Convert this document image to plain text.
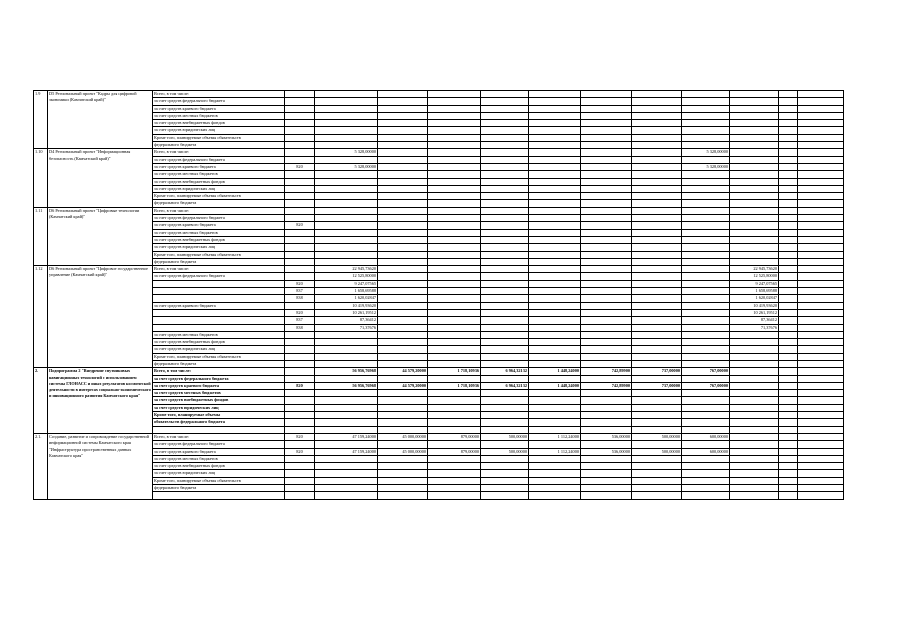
1.9	D5 Региональный проект "Кадры для цифровой экономики (Камчатский край)"	Всего, в том числе:												
		за счет средств федерального бюджета												
		за счет средств краевого бюджета												
		за счет средств местных бюджетов												
		за счет средств внебюджетных фондов												
		за счет средств юридических лиц												
		Кроме того, планируемые объемы обязательств												
		федерального бюджета												
1.10	D4 Региональный проект "Информационная безопасность (Камчатский край)"	Всего, в том числе:		5 328,00000							5 328,00000			
		за счет средств федерального бюджета												
		за счет средств краевого бюджета	820	5 328,00000							5 328,00000			
		за счет средств местных бюджетов												
		за счет средств внебюджетных фондов												
		за счет средств юридических лиц												
		Кроме того, планируемые объемы обязательств												
		федерального бюджета												
1.11	D6 Региональный проект "Цифровые технологии (Камчатский край)"	Всего, в том числе:												
		за счет средств федерального бюджета												
		за счет средств краевого бюджета	820											
		за счет средств местных бюджетов												
		за счет средств внебюджетных фондов												
		за счет средств юридических лиц												
		Кроме того, планируемые объемы обязательств												
		федерального бюджета												
1.12	D6 Региональный проект "Цифровое государственное управление (Камчатский край)"	Всего, в том числе:		22 945,73620								22 945,73620		
		за счет средств федерального бюджета		12 525,80000								12 525,80000		
			820	9 247,07565								9 247,07565		
			837	1 658,69588								1 658,69588		
			838	1 620,02847								1 620,02847		
		за счет средств краевого бюджета		10 419,93620								10 419,93620		
			820	10 261,19512								10 261,19512		
			837	87,36412								87,36412		
			838	71,37676								71,37676		
		за счет средств местных бюджетов												
		за счет средств внебюджетных фондов												
		за счет средств юридических лиц												
		Кроме того, планируемые объемы обязательств												
		федерального бюджета												
2.	Подпрограмма 2 "Внедрение спутниковых навигационных технологий с использованием системы ГЛОНАСС и иных результатов космической деятельности в интересах социально-экономического и инновационного развития Камчатского края"	Всего, в том числе:		56 956,76968	44 579,20000	1 718,10936	6 964,32132	1 448,24000	742,89900	737,00000	767,00000			
		за счет средств федерального бюджета												
		за счет средств краевого бюджета	820	56 956,76968	44 579,20000	1 718,10936	6 964,32132	1 448,24000	742,89900	737,00000	767,00000			
		за счет средств местных бюджетов												
		за счет средств внебюджетных фондов												
		за счет средств юридических лиц												
		Кроме того, планируемые объемы												
		обязательств федерального бюджета												

2.1.	Создание, развитие и сопровождение государственной информационной системы Камчатского края "Инфраструктура пространственных данных Камчатского края"	Всего, в том числе:	820	47 159,24000	45 000,00000	879,00000	500,00000	1 112,24000	536,00000	500,00000	600,00000			
		за счет средств федерального бюджета												
		за счет средств краевого бюджета	820	47 159,24000	45 000,00000	879,00000	500,00000	1 112,24000	536,00000	500,00000	600,00000			
		за счет средств местных бюджетов												
		за счет средств внебюджетных фондов												
		за счет средств юридических лиц												
		Кроме того, планируемые объемы обязательств												
		федерального бюджета												
